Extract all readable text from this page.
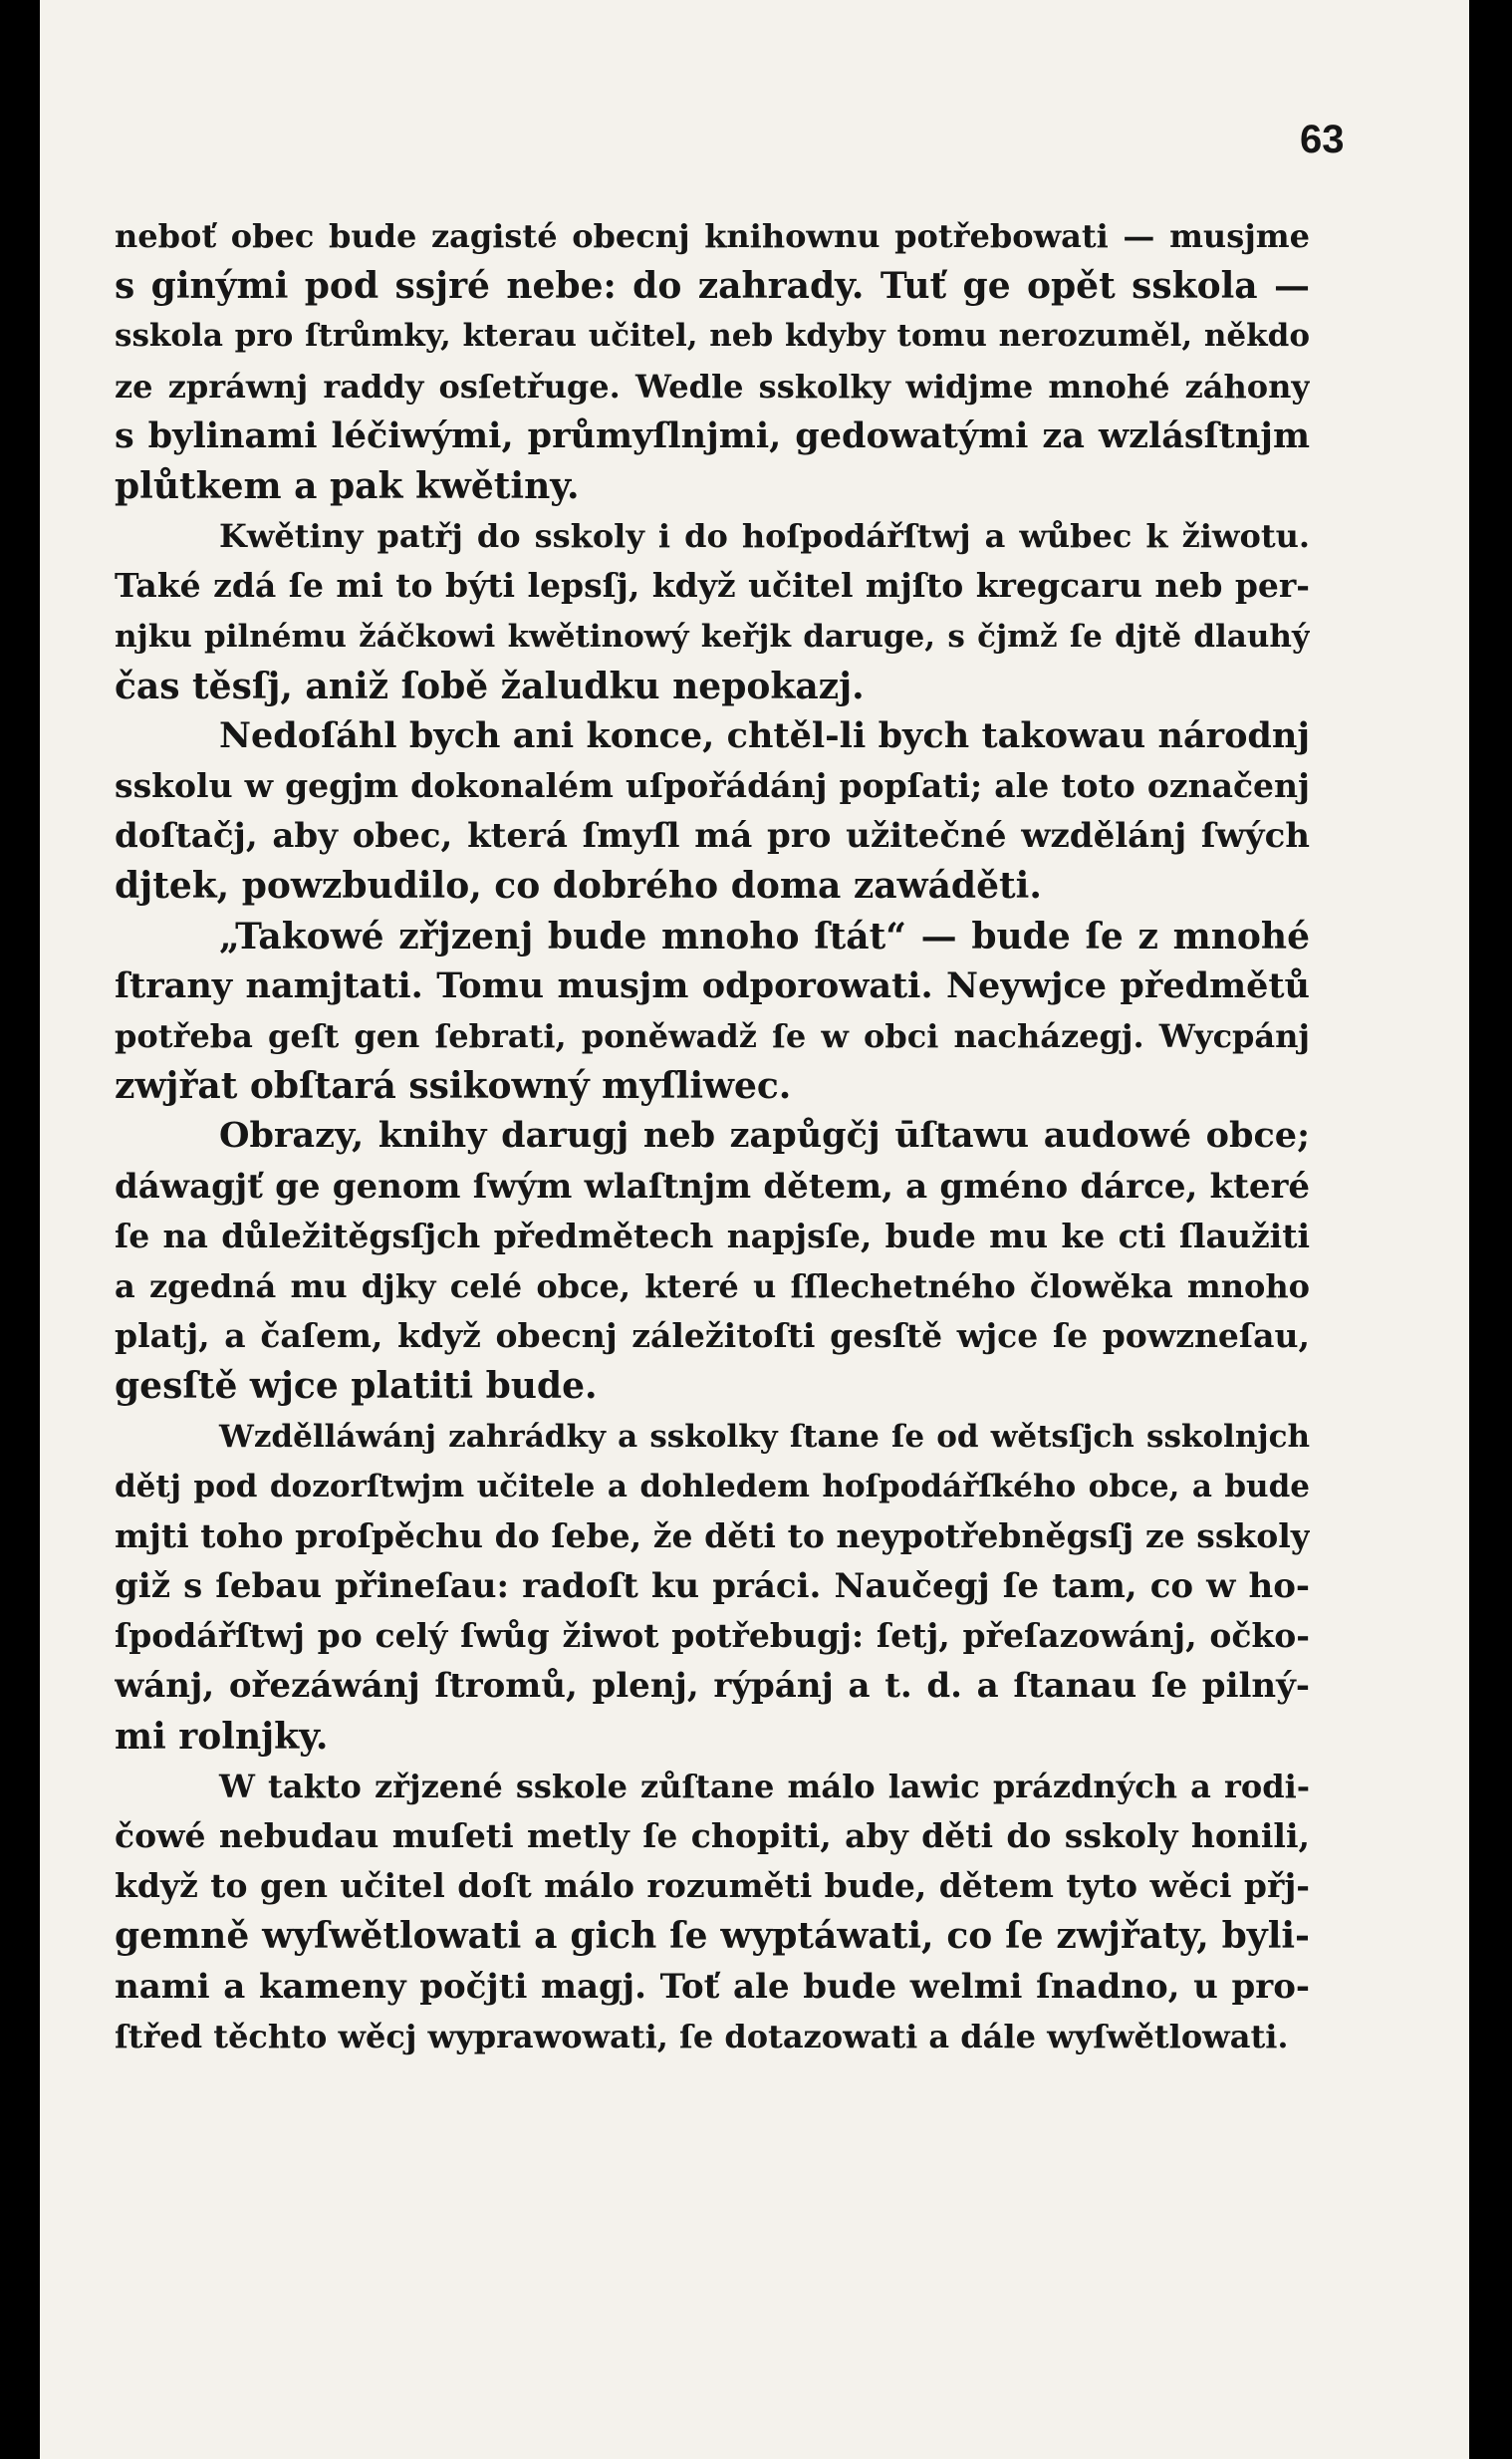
63
neboť obec bude zagisté obecnj knihownu potřebowati — musjme
s ginými pod ssjré nebe: do zahrady. Tuť ge opět sskola —
sskola pro ſtrůmky, kterau učitel, neb kdyby tomu nerozuměl, někdo
ze zpráwnj raddy osſetřuge. Wedle sskolky widjme mnohé záhony
s bylinami léčiwými, průmyſlnjmi, gedowatými za wzlásſtnjm
plůtkem a pak kwětiny.
Kwětiny patřj do sskoly i do hoſpodářſtwj a wůbec k žiwotu.
Také zdá ſe mi to býti lepsſj, když učitel mjſto kregcaru neb per-
njku pilnému žáčkowi kwětinowý keřjk daruge, s čjmž ſe djtě dlauhý
čas těsſj, aniž ſobě žaludku nepokazj.
Nedoſáhl bych ani konce, chtěl-li bych takowau národnj
sskolu w gegjm dokonalém uſpořádánj popſati; ale toto označenj
doſtačj, aby obec, která ſmyſl má pro užitečné wzdělánj ſwých
djtek, powzbudilo, co dobrého doma zawáděti.
„Takowé zřjzenj bude mnoho ſtát“ — bude ſe z mnohé
ſtrany namjtati. Tomu musjm odporowati. Neywjce předmětů
potřeba geſt gen ſebrati, poněwadž ſe w obci nacházegj. Wycpánj
zwjřat obſtará ssikowný myſliwec.
Obrazy, knihy darugj neb zapůgčj ūſtawu audowé obce;
dáwagjť ge genom ſwým wlaſtnjm dětem, a gméno dárce, které
ſe na důležitěgsſjch předmětech napjsſe, bude mu ke cti ſlaužiti
a zgedná mu djky celé obce, které u ſſlechetného člowěka mnoho
platj, a čaſem, když obecnj záležitoſti gesſtě wjce ſe powzneſau,
gesſtě wjce platiti bude.
Wzdělláwánj zahrádky a sskolky ſtane ſe od wětsſjch sskolnjch
dětj pod dozorſtwjm učitele a dohledem hoſpodářſkého obce, a bude
mjti toho proſpěchu do ſebe, že děti to neypotřebněgsſj ze sskoly
giž s ſebau přineſau: radoſt ku práci. Naučegj ſe tam, co w ho-
ſpodářſtwj po celý ſwůg žiwot potřebugj: ſetj, přeſazowánj, očko-
wánj, ořezáwánj ſtromů, plenj, rýpánj a t. d. a ſtanau ſe pilný-
mi rolnjky.
W takto zřjzené sskole zůſtane málo lawic prázdných a rodi-
čowé nebudau muſeti metly ſe chopiti, aby děti do sskoly honili,
když to gen učitel doſt málo rozuměti bude, dětem tyto wěci přj-
gemně wyſwětlowati a gich ſe wyptáwati, co ſe zwjřaty, byli-
nami a kameny počjti magj. Toť ale bude welmi ſnadno, u pro-
ſtřed těchto wěcj wyprawowati, ſe dotazowati a dále wyſwětlowati.
